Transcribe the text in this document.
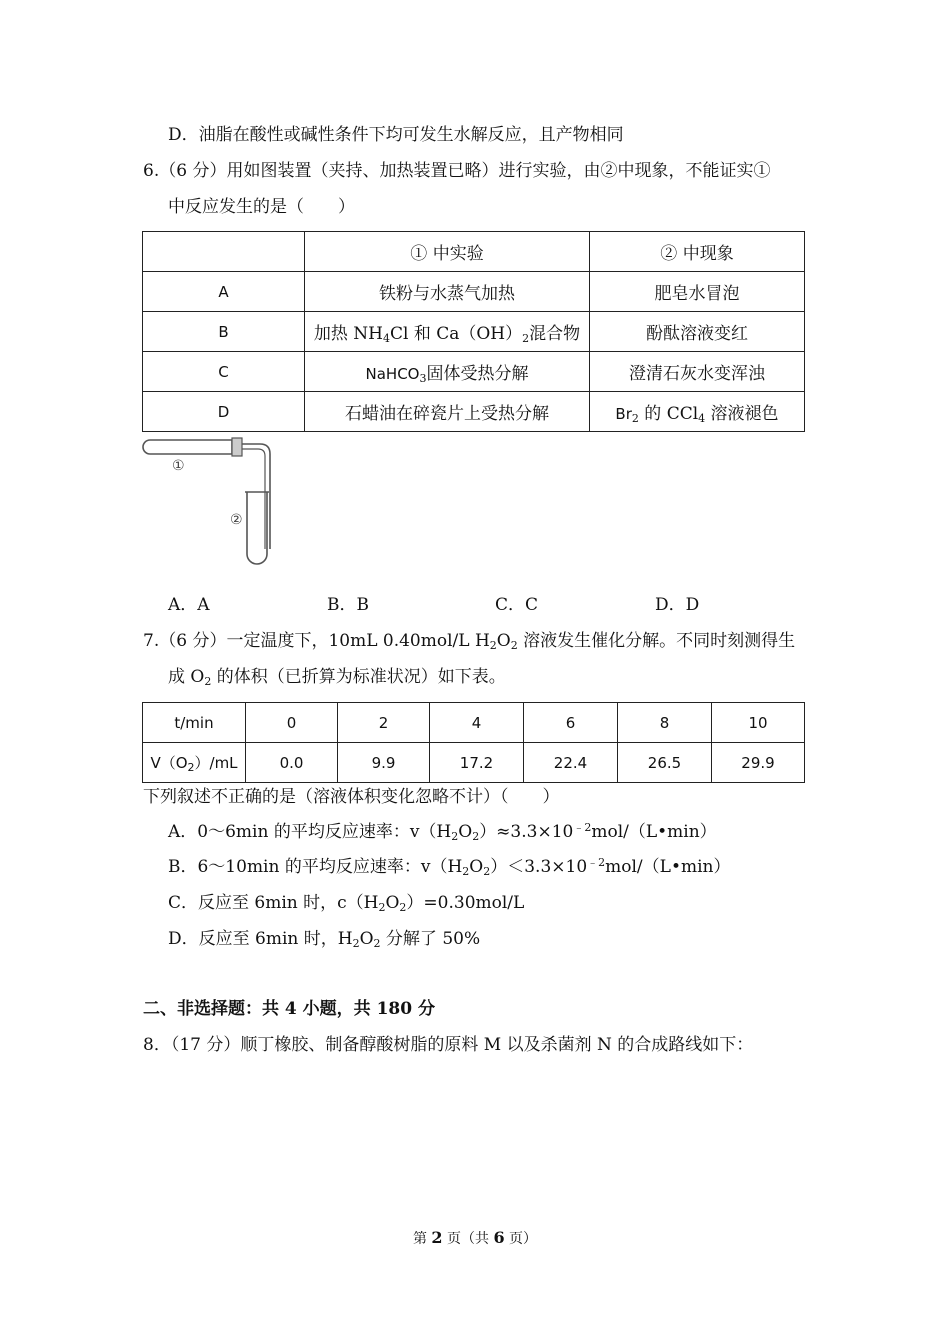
D．油脂在酸性或碱性条件下均可发生水解反应，且产物相同
6.（6 分）用如图装置（夹持、加热装置已略）进行实验，由②中现象，不能证实①
中反应发生的是（　　）
	① 中实验	② 中现象
A	铁粉与水蒸气加热	肥皂水冒泡
B	加热 $NH_4Cl$ 和 $Ca(OH)_2$混合物	酚酞溶液变红
C	NaHCO$_3$固体受热分解	澄清石灰水变浑浊
D	石蜡油在碎瓷片上受热分解	$Br_2$ 的 CCl$_4$ 溶液褪色
①
②
A．A	B．B	C．C	D．D
7.（6 分）一定温度下，10mL 0.40mol/L $H_2O_2$ 溶液发生催化分解。不同时刻测得生
成 $O_2$ 的体积（已折算为标准状况）如下表。
t/min	0	2	4	6	8	10
$V(O_2)/mL$	0.0	9.9	17.2	22.4	26.5	29.9
下列叙述不正确的是（溶液体积变化忽略不计）（　　）
A．0～6min 的平均反应速率：$v(H_2O_2)\approx 3.3\times 10^{﹣2}mol/(L•\min)$
B．6～10min 的平均反应速率：$v(H_2O_2)<3.3\times 10^{﹣2}mol/(L•\min)$
C．反应至 6min 时，$c(H_2O_2)=0.30mol/L$
D．反应至 6min 时，$H_2O_2$ 分解了 50%
二、非选择题：共 4 小题，共 180 分
8．（17 分）顺丁橡胶、制备醇酸树脂的原料 M 以及杀菌剂 N 的合成路线如下：
第 2 页（共 6 页）
